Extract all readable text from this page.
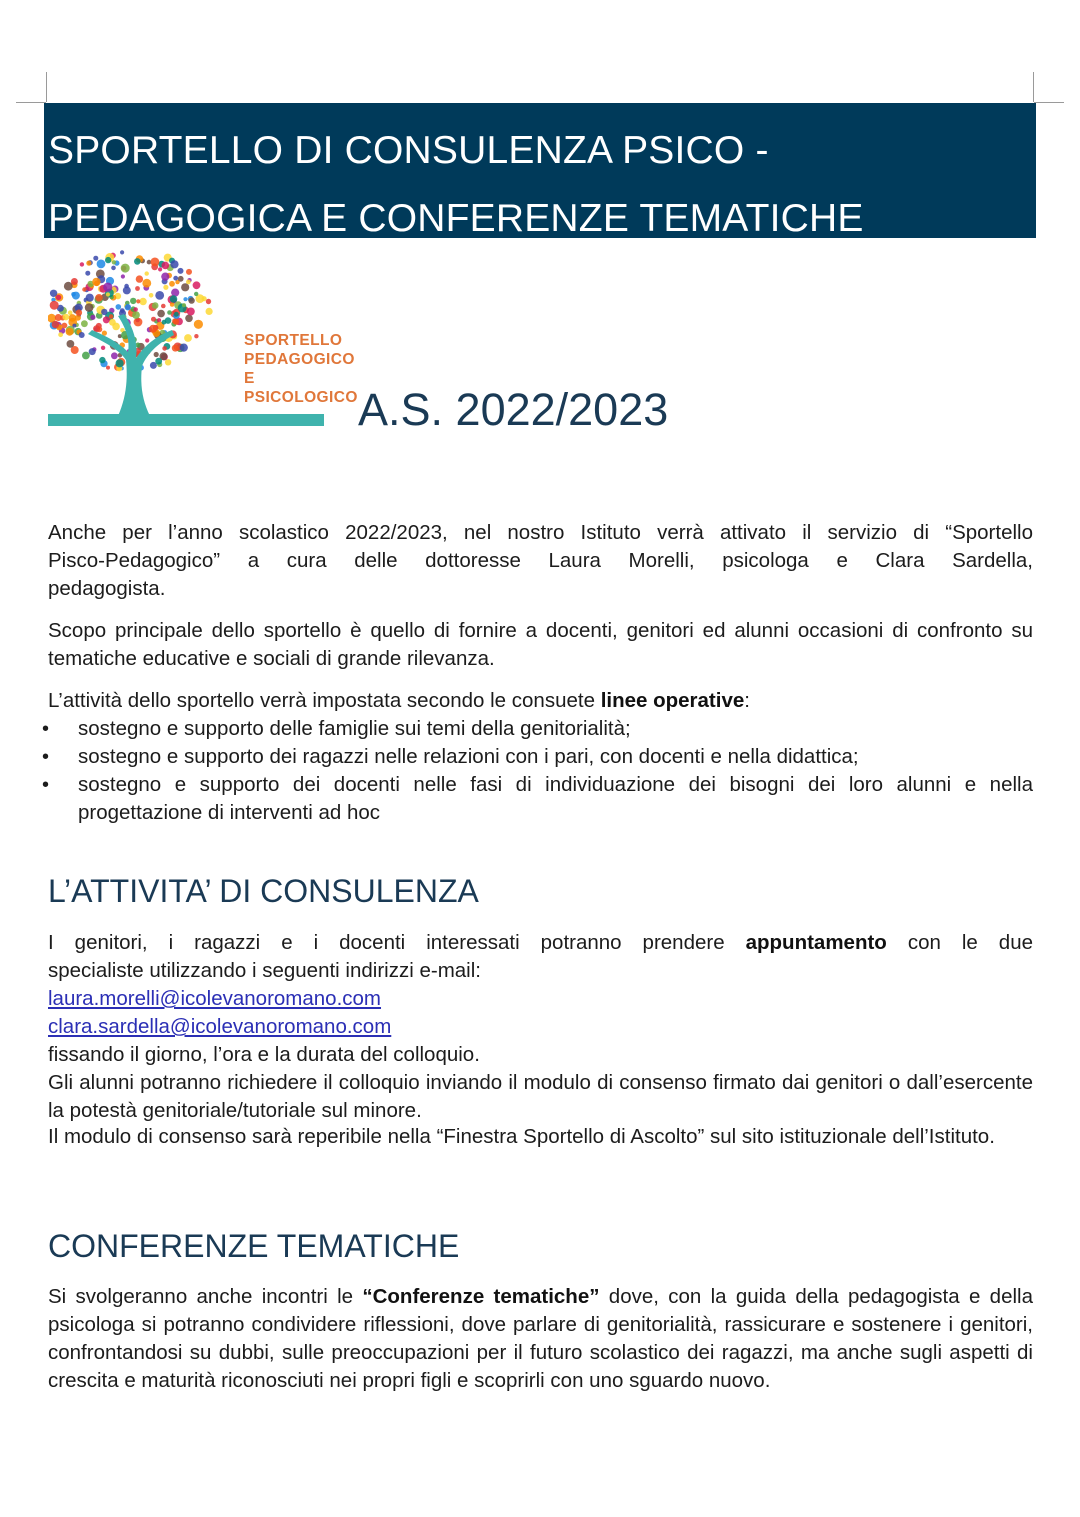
SPORTELLO DI CONSULENZA PSICO -
PEDAGOGICA E CONFERENZE TEMATICHE
SPORTELLO
PEDAGOGICO
E
PSICOLOGICO A.S. 2022/2023
Anche per l’anno scolastico 2022/2023, nel nostro Istituto verrà attivato il servizio di “Sportello
Pisco-Pedagogico” a cura delle dottoresse Laura Morelli, psicologa e Clara Sardella,
pedagogista.
Scopo principale dello sportello è quello di fornire a docenti, genitori ed alunni occasioni di confronto su tematiche educative e sociali di grande rilevanza.
L’attività dello sportello verrà impostata secondo le consuete linee operative:
• sostegno e supporto delle famiglie sui temi della genitorialità;
• sostegno e supporto dei ragazzi nelle relazioni con i pari, con docenti e nella didattica;
• sostegno e supporto dei docenti nelle fasi di individuazione dei bisogni dei loro alunni e nella progettazione di interventi ad hoc
L’ATTIVITA’ DI CONSULENZA
I genitori, i ragazzi e i docenti interessati potranno prendere appuntamento con le due
specialiste utilizzando i seguenti indirizzi e-mail:
laura.morelli@icolevanoromano.com
clara.sardella@icolevanoromano.com
fissando il giorno, l’ora e la durata del colloquio.
Gli alunni potranno richiedere il colloquio inviando il modulo di consenso firmato dai genitori o dall’esercente la potestà genitoriale/tutoriale sul minore.
Il modulo di consenso sarà reperibile nella “Finestra Sportello di Ascolto” sul sito istituzionale dell’Istituto.
CONFERENZE TEMATICHE
Si svolgeranno anche incontri le “Conferenze tematiche” dove, con la guida della pedagogista e della psicologa si potranno condividere riflessioni, dove parlare di genitorialità, rassicurare e sostenere i genitori, confrontandosi su dubbi, sulle preoccupazioni per il futuro scolastico dei ragazzi, ma anche sugli aspetti di crescita e maturità riconosciuti nei propri figli e scoprirli con uno sguardo nuovo.
